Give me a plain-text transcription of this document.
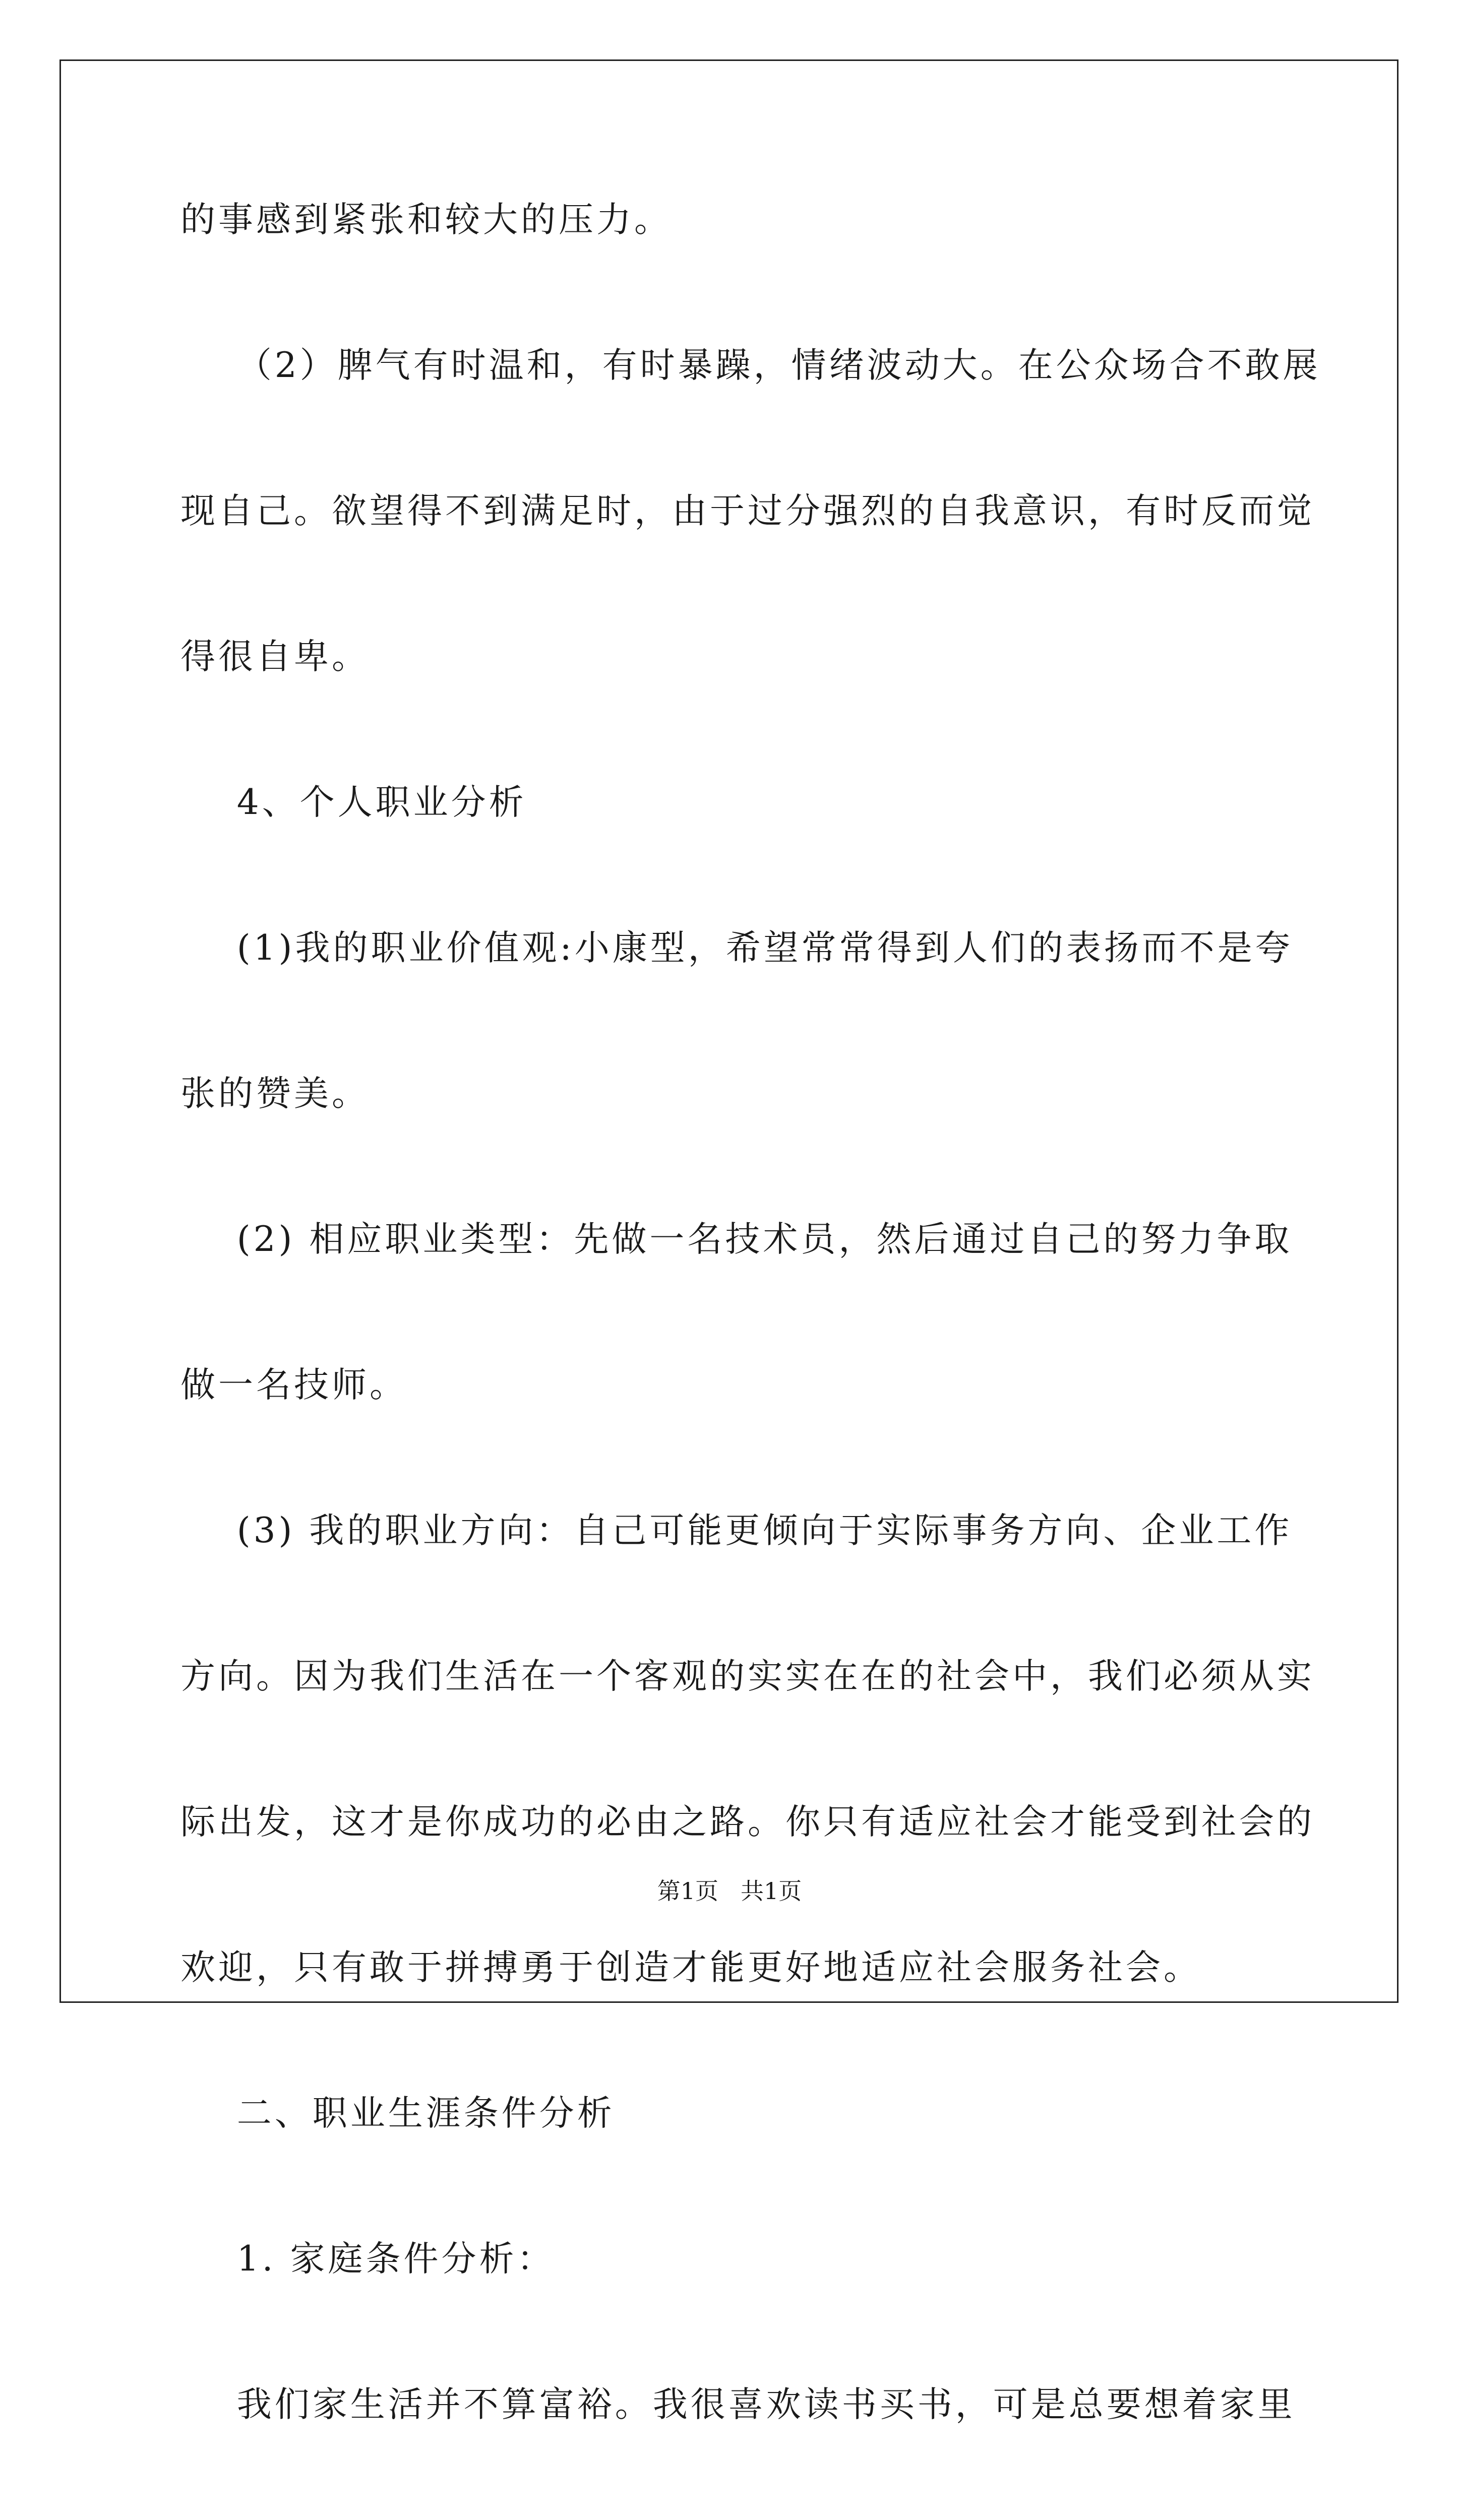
的事感到紧张和较大的压力。

（2）脾气有时温和，有时暴躁，情绪波动大。在公众场合不敢展

现自己。欲望得不到满足时，由于过分强烈的自我意识，有时反而觉

得很自卑。

4、个人职业分析

(1)我的职业价值观:小康型，希望常常得到人们的表扬而不是夸

张的赞美。

(2) 相应职业类型：先做一名技术员，然后通过自己的努力争取

做一名技师。

(3) 我的职业方向：自己可能更倾向于实际事务方向、企业工作

方向。因为我们生活在一个客观的实实在在的社会中，我们必须从实

际出发，这才是你成功的必由之路。你只有适应社会才能受到社会的

欢迎，只有敢于拼搏勇于创造才能更好地适应社会服务社会。

二、职业生涯条件分析

1. 家庭条件分析：

我们家生活并不算富裕。我很喜欢读书买书，可是总要想着家里

第1页 共1页
